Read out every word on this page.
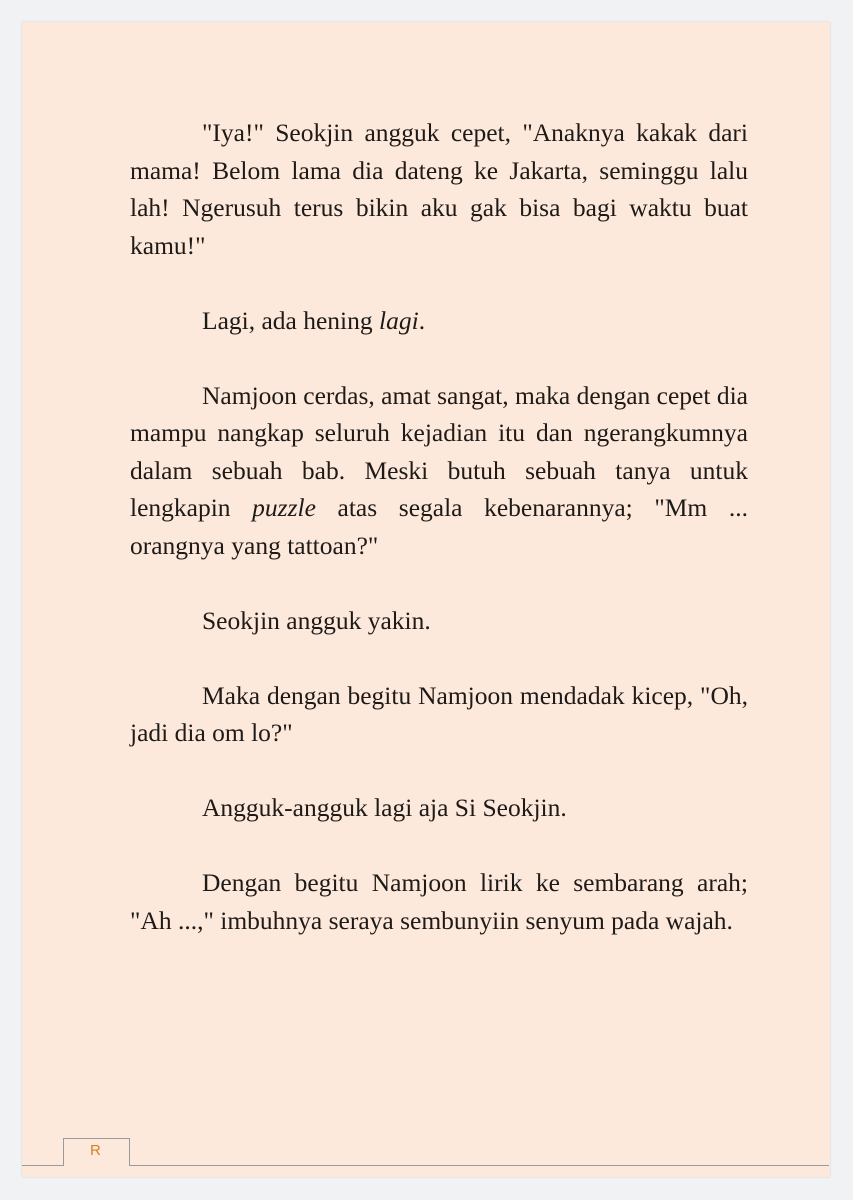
"Iya!" Seokjin angguk cepet, "Anaknya kakak dari mama! Belom lama dia dateng ke Jakarta, seminggu lalu lah! Ngerusuh terus bikin aku gak bisa bagi waktu buat kamu!"

Lagi, ada hening lagi.

Namjoon cerdas, amat sangat, maka dengan cepet dia mampu nangkap seluruh kejadian itu dan ngerangkumnya dalam sebuah bab. Meski butuh sebuah tanya untuk lengkapin puzzle atas segala kebenarannya; "Mm ... orangnya yang tattoan?"

Seokjin angguk yakin.

Maka dengan begitu Namjoon mendadak kicep, "Oh, jadi dia om lo?"

Angguk-angguk lagi aja Si Seokjin.

Dengan begitu Namjoon lirik ke sembarang arah; "Ah ...," imbuhnya seraya sembunyiin senyum pada wajah.

R
